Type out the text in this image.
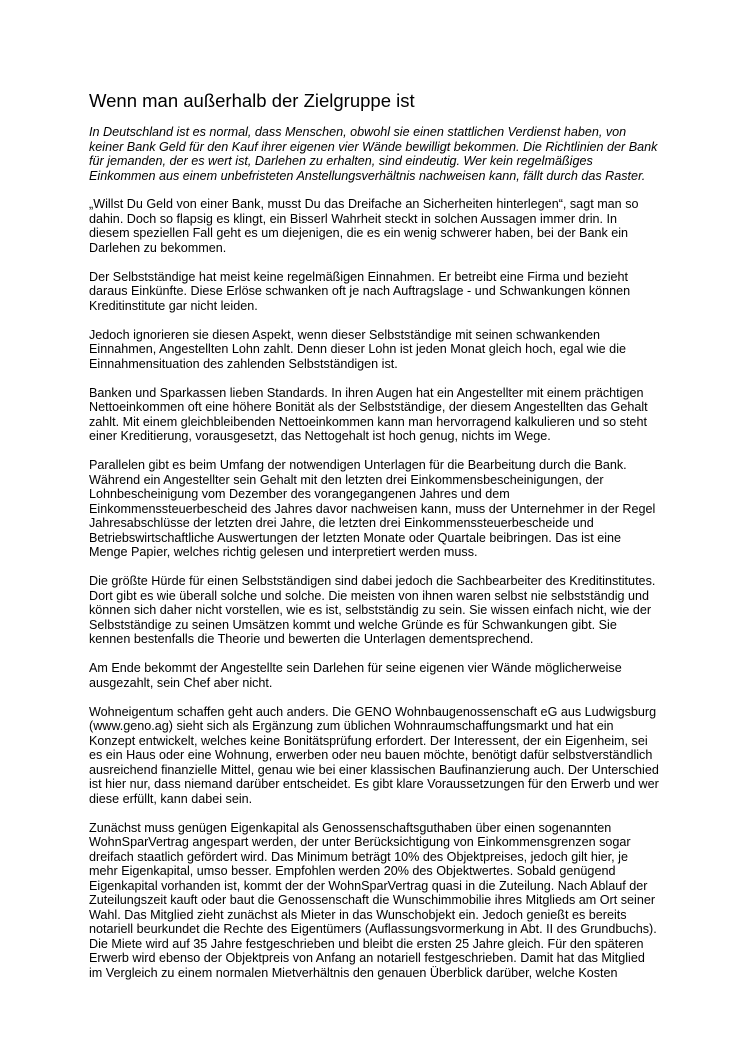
Wenn man außerhalb der Zielgruppe ist

In Deutschland ist es normal, dass Menschen, obwohl sie einen stattlichen Verdienst haben, von keiner Bank Geld für den Kauf ihrer eigenen vier Wände bewilligt bekommen. Die Richtlinien der Bank für jemanden, der es wert ist, Darlehen zu erhalten, sind eindeutig. Wer kein regelmäßiges Einkommen aus einem unbefristeten Anstellungsverhältnis nachweisen kann, fällt durch das Raster.

„Willst Du Geld von einer Bank, musst Du das Dreifache an Sicherheiten hinterlegen“, sagt man so dahin. Doch so flapsig es klingt, ein Bisserl Wahrheit steckt in solchen Aussagen immer drin. In diesem speziellen Fall geht es um diejenigen, die es ein wenig schwerer haben, bei der Bank ein Darlehen zu bekommen.

Der Selbstständige hat meist keine regelmäßigen Einnahmen. Er betreibt eine Firma und bezieht daraus Einkünfte. Diese Erlöse schwanken oft je nach Auftragslage - und Schwankungen können Kreditinstitute gar nicht leiden.

Jedoch ignorieren sie diesen Aspekt, wenn dieser Selbstständige mit seinen schwankenden Einnahmen, Angestellten Lohn zahlt. Denn dieser Lohn ist jeden Monat gleich hoch, egal wie die Einnahmensituation des zahlenden Selbstständigen ist.

Banken und Sparkassen lieben Standards. In ihren Augen hat ein Angestellter mit einem prächtigen Nettoeinkommen oft eine höhere Bonität als der Selbstständige, der diesem Angestellten das Gehalt zahlt. Mit einem gleichbleibenden Nettoeinkommen kann man hervorragend kalkulieren und so steht einer Kreditierung, vorausgesetzt, das Nettogehalt ist hoch genug, nichts im Wege.

Parallelen gibt es beim Umfang der notwendigen Unterlagen für die Bearbeitung durch die Bank. Während ein Angestellter sein Gehalt mit den letzten drei Einkommensbescheinigungen, der Lohnbescheinigung vom Dezember des vorangegangenen Jahres und dem Einkommenssteuerbescheid des Jahres davor nachweisen kann, muss der Unternehmer in der Regel Jahresabschlüsse der letzten drei Jahre, die letzten drei Einkommenssteuerbescheide und Betriebswirtschaftliche Auswertungen der letzten Monate oder Quartale beibringen. Das ist eine Menge Papier, welches richtig gelesen und interpretiert werden muss.

Die größte Hürde für einen Selbstständigen sind dabei jedoch die Sachbearbeiter des Kreditinstitutes. Dort gibt es wie überall solche und solche. Die meisten von ihnen waren selbst nie selbstständig und können sich daher nicht vorstellen, wie es ist, selbstständig zu sein. Sie wissen einfach nicht, wie der Selbstständige zu seinen Umsätzen kommt und welche Gründe es für Schwankungen gibt. Sie kennen bestenfalls die Theorie und bewerten die Unterlagen dementsprechend.

Am Ende bekommt der Angestellte sein Darlehen für seine eigenen vier Wände möglicherweise ausgezahlt, sein Chef aber nicht.

Wohneigentum schaffen geht auch anders. Die GENO Wohnbaugenossenschaft eG aus Ludwigsburg (www.geno.ag) sieht sich als Ergänzung zum üblichen Wohnraumschaffungsmarkt und hat ein Konzept entwickelt, welches keine Bonitätsprüfung erfordert. Der Interessent, der ein Eigenheim, sei es ein Haus oder eine Wohnung, erwerben oder neu bauen möchte, benötigt dafür selbstverständlich ausreichend finanzielle Mittel, genau wie bei einer klassischen Baufinanzierung auch. Der Unterschied ist hier nur, dass niemand darüber entscheidet. Es gibt klare Voraussetzungen für den Erwerb und wer diese erfüllt, kann dabei sein.

Zunächst muss genügen Eigenkapital als Genossenschaftsguthaben über einen sogenannten WohnSparVertrag angespart werden, der unter Berücksichtigung von Einkommensgrenzen sogar dreifach staatlich gefördert wird. Das Minimum beträgt 10% des Objektpreises, jedoch gilt hier, je mehr Eigenkapital, umso besser. Empfohlen werden 20% des Objektwertes. Sobald genügend Eigenkapital vorhanden ist, kommt der der WohnSparVertrag quasi in die Zuteilung. Nach Ablauf der Zuteilungszeit kauft oder baut die Genossenschaft die Wunschimmobilie ihres Mitglieds am Ort seiner Wahl. Das Mitglied zieht zunächst als Mieter in das Wunschobjekt ein. Jedoch genießt es bereits notariell beurkundet die Rechte des Eigentümers (Auflassungsvormerkung in Abt. II des Grundbuchs). Die Miete wird auf 35 Jahre festgeschrieben und bleibt die ersten 25 Jahre gleich. Für den späteren Erwerb wird ebenso der Objektpreis von Anfang an notariell festgeschrieben. Damit hat das Mitglied im Vergleich zu einem normalen Mietverhältnis den genauen Überblick darüber, welche Kosten
